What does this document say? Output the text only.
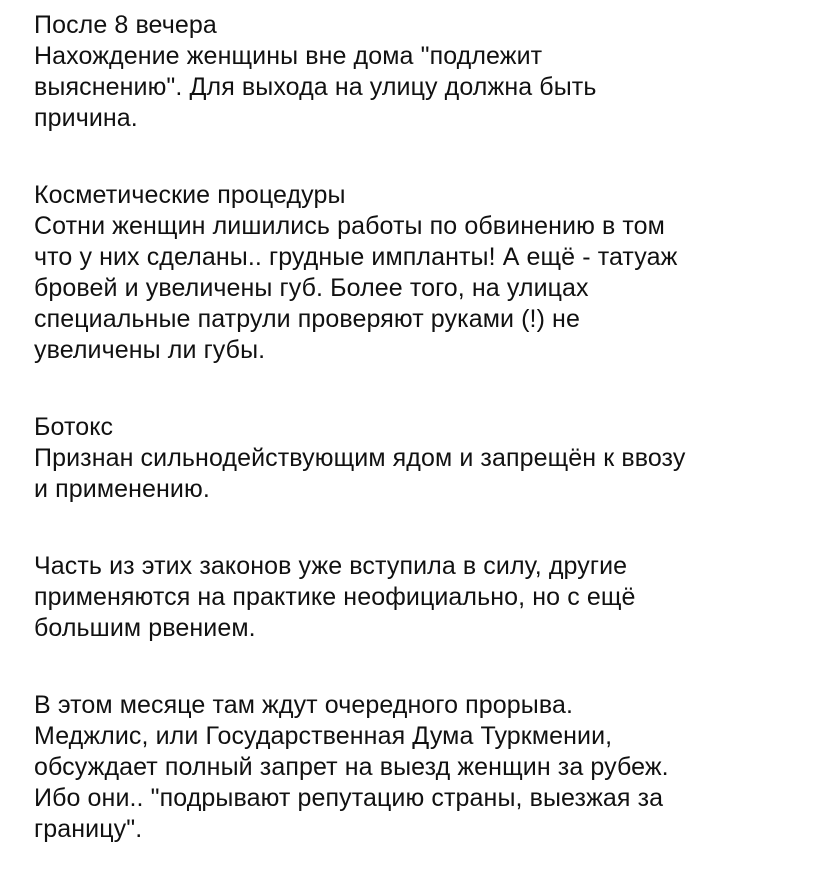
После 8 вечера
Нахождение женщины вне дома "подлежит
выяснению". Для выхода на улицу должна быть
причина.
Косметические процедуры
Сотни женщин лишились работы по обвинению в том
что у них сделаны.. грудные импланты! А ещё - татуаж
бровей и увеличены губ. Более того, на улицах
специальные патрули проверяют руками (!) не
увеличены ли губы.
Ботокс
Признан сильнодействующим ядом и запрещён к ввозу
и применению.
Часть из этих законов уже вступила в силу, другие
применяются на практике неофициально, но с ещё
большим рвением.
В этом месяце там ждут очередного прорыва.
Меджлис, или Государственная Дума Туркмении,
обсуждает полный запрет на выезд женщин за рубеж.
Ибо они.. "подрывают репутацию страны, выезжая за
границу".
